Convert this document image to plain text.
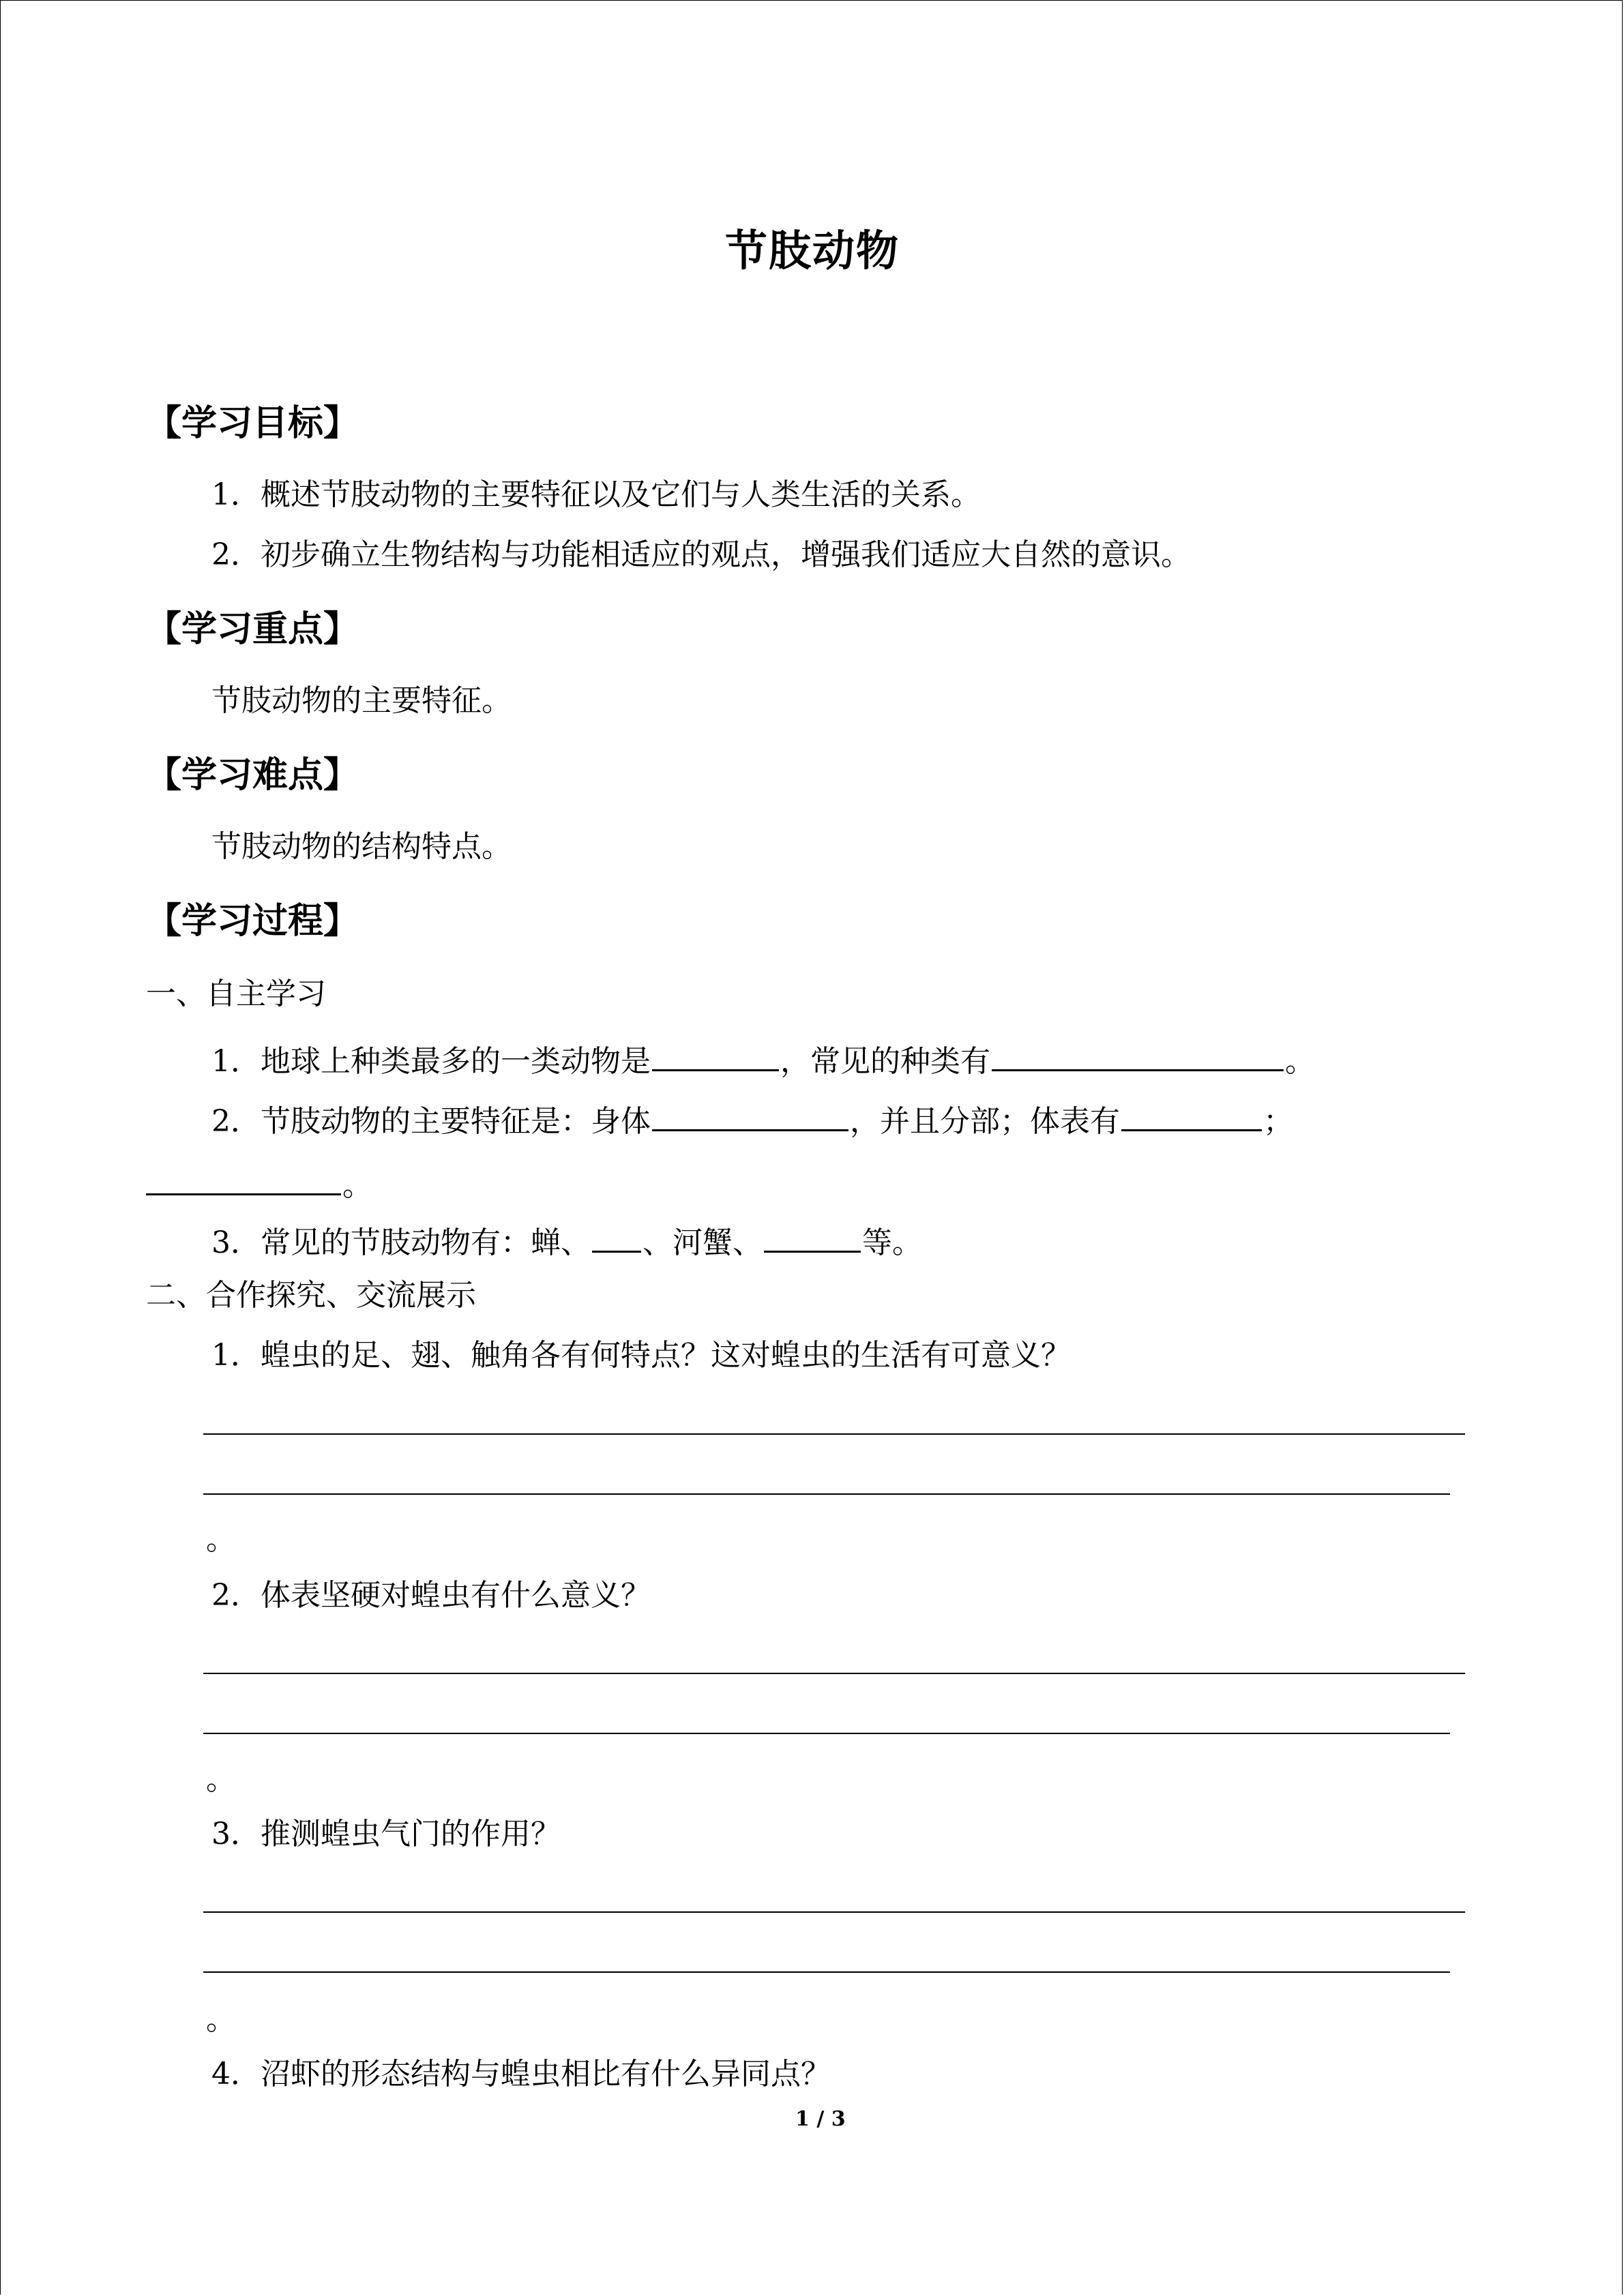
节肢动物
【学习目标】
1．概述节肢动物的主要特征以及它们与人类生活的关系。
2．初步确立生物结构与功能相适应的观点，增强我们适应大自然的意识。
【学习重点】
节肢动物的主要特征。
【学习难点】
节肢动物的结构特点。
【学习过程】
一、自主学习
1．地球上种类最多的一类动物是	，常见的种类有	。
2．节肢动物的主要特征是：身体	，并且分部；体表有	；
。
3．常见的节肢动物有：蝉、 、河蟹、	等。
二、合作探究、交流展示
1．蝗虫的足、翅、触角各有何特点？这对蝗虫的生活有可意义？
。
2．体表坚硬对蝗虫有什么意义？
。
3．推测蝗虫气门的作用？
。
4．沼虾的形态结构与蝗虫相比有什么异同点？
1 / 3
